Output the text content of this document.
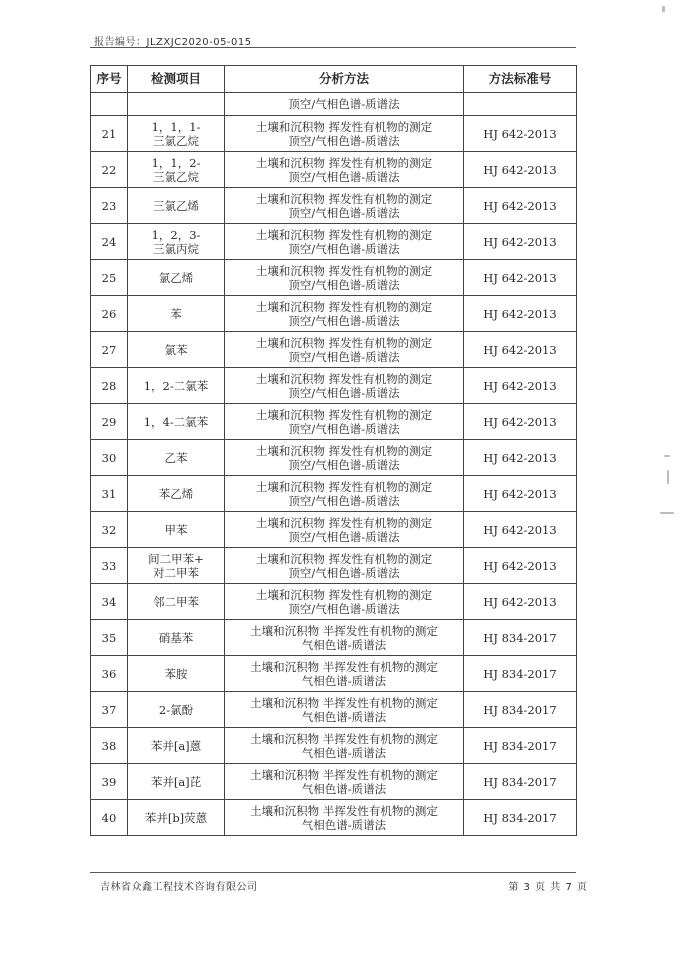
报告编号：JLZXJC2020-05-015
序号	检测项目	分析方法	方法标准号
		顶空/气相色谱-质谱法	
21	1，1，1-
三氯乙烷	土壤和沉积物 挥发性有机物的测定
顶空/气相色谱-质谱法	HJ 642-2013
22	1，1，2-
三氯乙烷	土壤和沉积物 挥发性有机物的测定
顶空/气相色谱-质谱法	HJ 642-2013
23	三氯乙烯	土壤和沉积物 挥发性有机物的测定
顶空/气相色谱-质谱法	HJ 642-2013
24	1，2，3-
三氯丙烷	土壤和沉积物 挥发性有机物的测定
顶空/气相色谱-质谱法	HJ 642-2013
25	氯乙烯	土壤和沉积物 挥发性有机物的测定
顶空/气相色谱-质谱法	HJ 642-2013
26	苯	土壤和沉积物 挥发性有机物的测定
顶空/气相色谱-质谱法	HJ 642-2013
27	氯苯	土壤和沉积物 挥发性有机物的测定
顶空/气相色谱-质谱法	HJ 642-2013
28	1，2-二氯苯	土壤和沉积物 挥发性有机物的测定
顶空/气相色谱-质谱法	HJ 642-2013
29	1，4-二氯苯	土壤和沉积物 挥发性有机物的测定
顶空/气相色谱-质谱法	HJ 642-2013
30	乙苯	土壤和沉积物 挥发性有机物的测定
顶空/气相色谱-质谱法	HJ 642-2013
31	苯乙烯	土壤和沉积物 挥发性有机物的测定
顶空/气相色谱-质谱法	HJ 642-2013
32	甲苯	土壤和沉积物 挥发性有机物的测定
顶空/气相色谱-质谱法	HJ 642-2013
33	间二甲苯+
对二甲苯	土壤和沉积物 挥发性有机物的测定
顶空/气相色谱-质谱法	HJ 642-2013
34	邻二甲苯	土壤和沉积物 挥发性有机物的测定
顶空/气相色谱-质谱法	HJ 642-2013
35	硝基苯	土壤和沉积物 半挥发性有机物的测定
气相色谱-质谱法	HJ 834-2017
36	苯胺	土壤和沉积物 半挥发性有机物的测定
气相色谱-质谱法	HJ 834-2017
37	2-氯酚	土壤和沉积物 半挥发性有机物的测定
气相色谱-质谱法	HJ 834-2017
38	苯并[a]蒽	土壤和沉积物 半挥发性有机物的测定
气相色谱-质谱法	HJ 834-2017
39	苯并[a]芘	土壤和沉积物 半挥发性有机物的测定
气相色谱-质谱法	HJ 834-2017
40	苯并[b]荧蒽	土壤和沉积物 半挥发性有机物的测定
气相色谱-质谱法	HJ 834-2017
吉林省众鑫工程技术咨询有限公司	第 3 页 共 7 页
